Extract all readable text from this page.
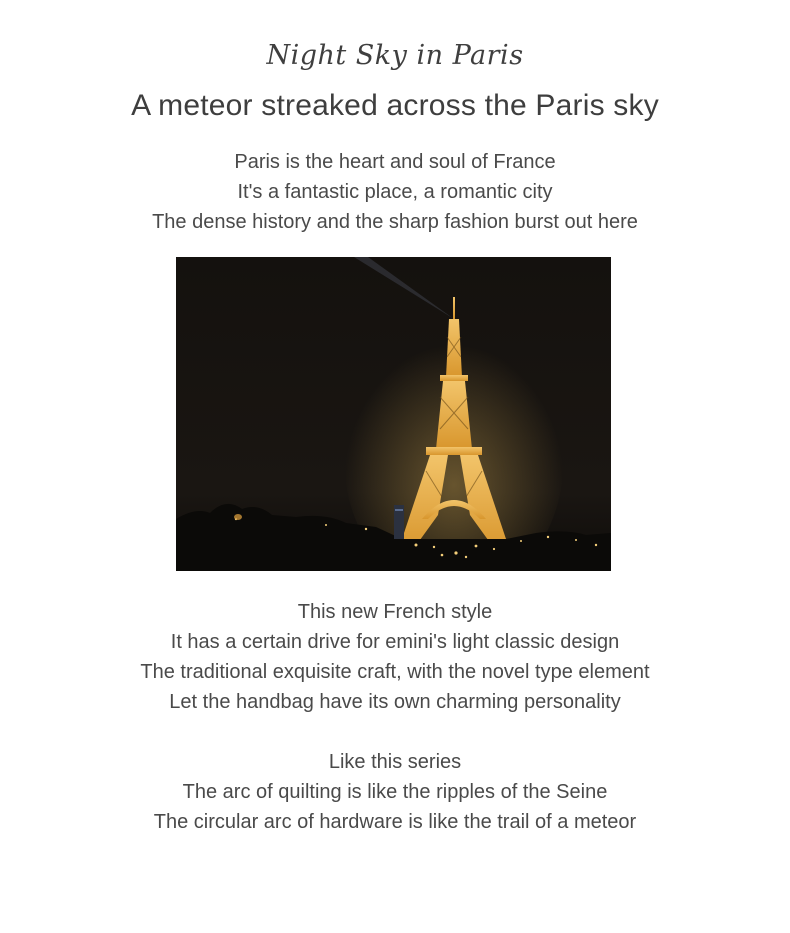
Night Sky in Paris
A meteor streaked across the Paris sky
Paris is the heart and soul of France
It's a fantastic place, a romantic city
The dense history and the sharp fashion burst out here
This new French style
It has a certain drive for emini's light classic design
The traditional exquisite craft, with the novel type element
Let the handbag have its own charming personality
Like this series
The arc of quilting is like the ripples of the Seine
The circular arc of hardware is like the trail of a meteor
